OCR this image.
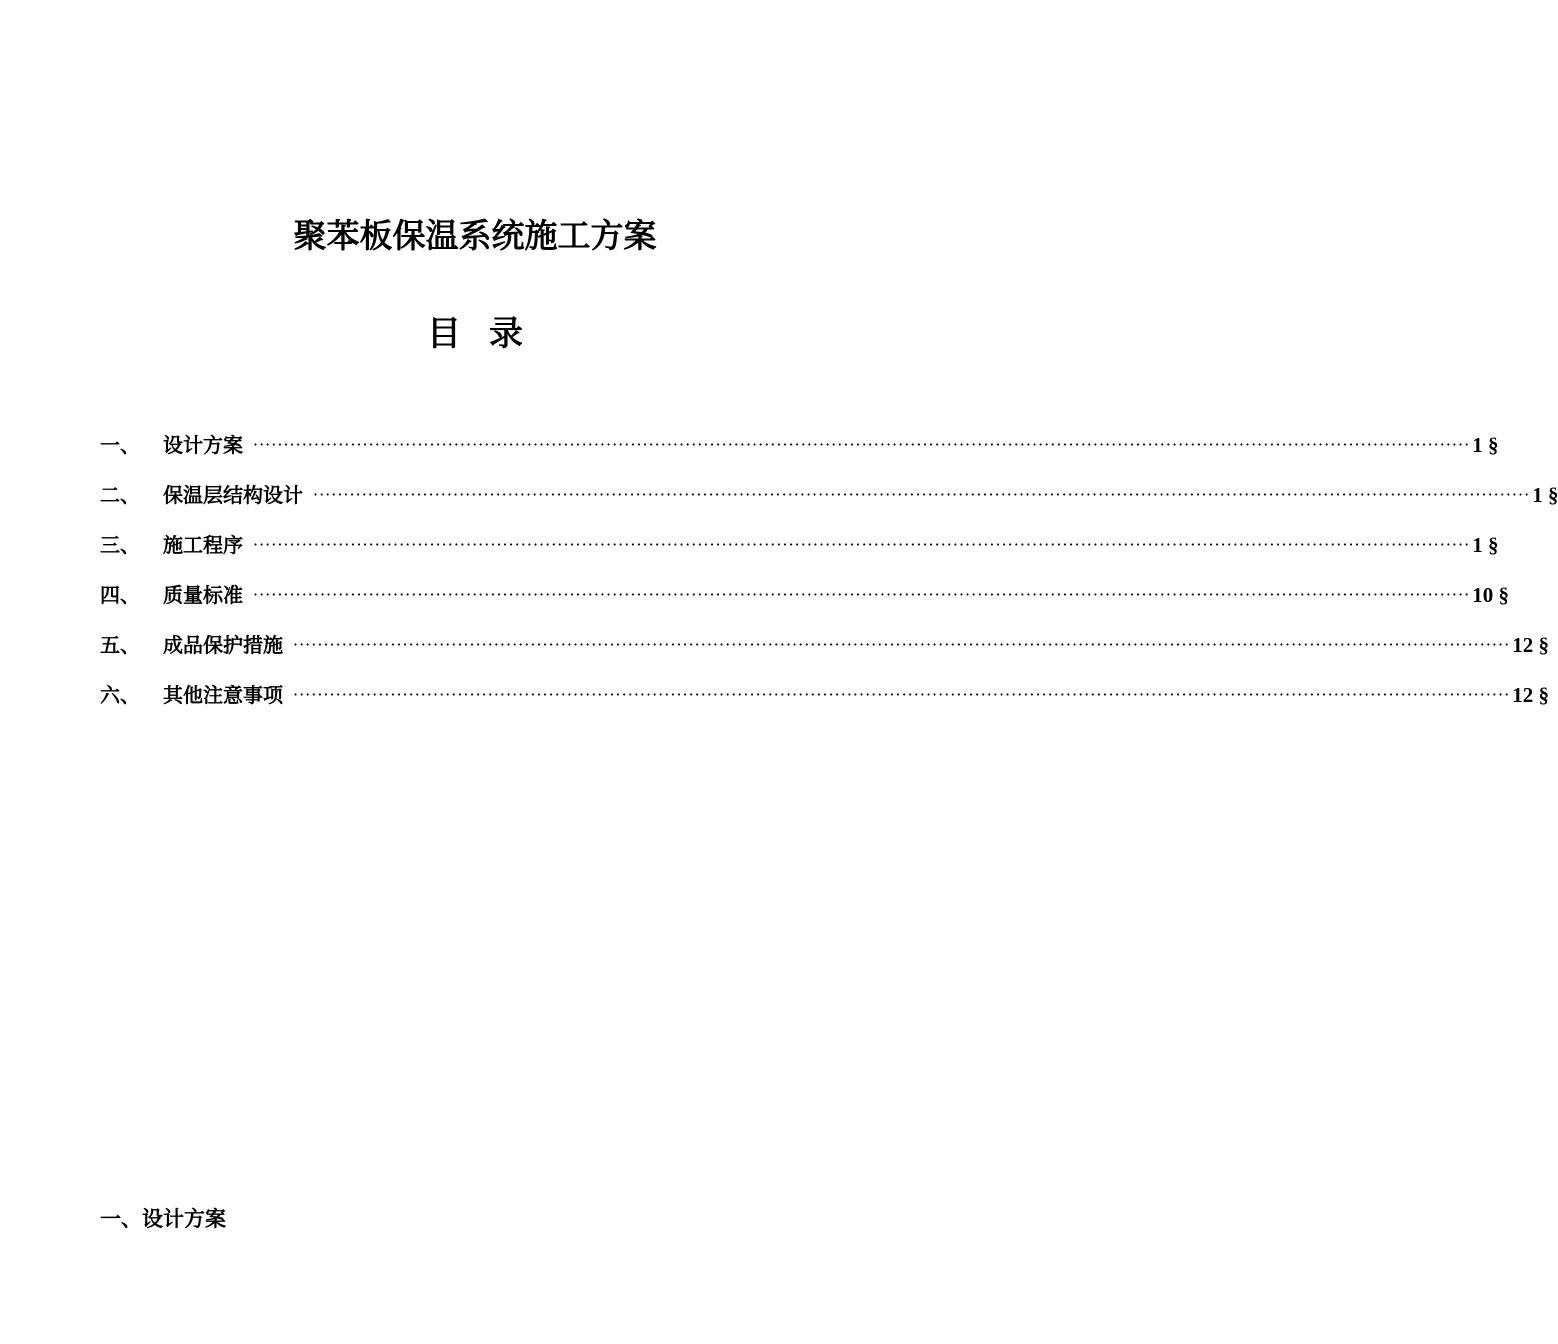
聚苯板保温系统施工方案
目 录
一、	设计方案 ········································································································································································································ 1 §
二、	保温层结构设计 ········································································································································································································ 1 §
三、	施工程序 ········································································································································································································ 1 §
四、	质量标准 ········································································································································································································ 10 §
五、	成品保护措施 ········································································································································································································ 12 §
六、	其他注意事项 ········································································································································································································ 12 §
一、设计方案
